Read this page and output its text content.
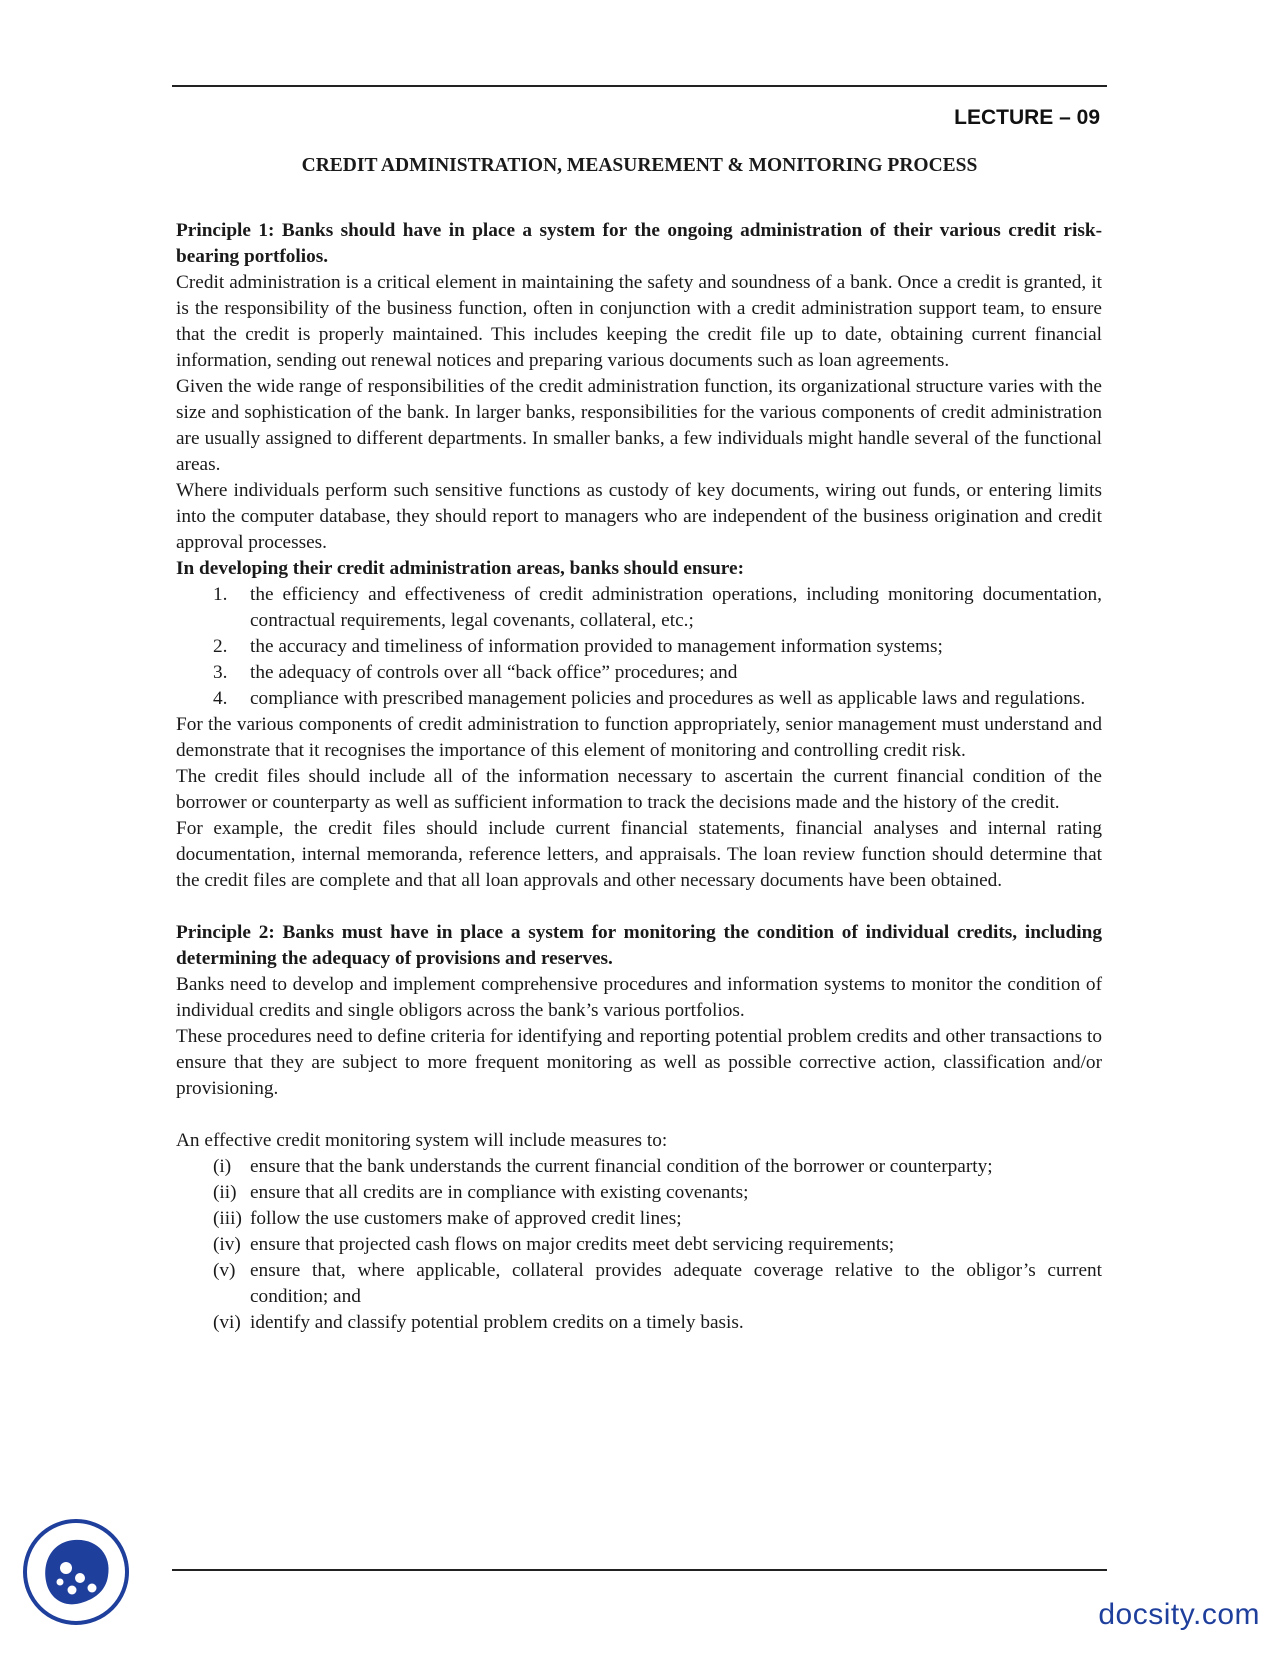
LECTURE – 09
CREDIT ADMINISTRATION, MEASUREMENT & MONITORING PROCESS

Principle 1: Banks should have in place a system for the ongoing administration of their various credit risk-bearing portfolios.

Credit administration is a critical element in maintaining the safety and soundness of a bank. Once a credit is granted, it is the responsibility of the business function, often in conjunction with a credit administration support team, to ensure that the credit is properly maintained. This includes keeping the credit file up to date, obtaining current financial information, sending out renewal notices and preparing various documents such as loan agreements.

Given the wide range of responsibilities of the credit administration function, its organizational structure varies with the size and sophistication of the bank. In larger banks, responsibilities for the various components of credit administration are usually assigned to different departments. In smaller banks, a few individuals might handle several of the functional areas.

Where individuals perform such sensitive functions as custody of key documents, wiring out funds, or entering limits into the computer database, they should report to managers who are independent of the business origination and credit approval processes.

In developing their credit administration areas, banks should ensure:

1. the efficiency and effectiveness of credit administration operations, including monitoring documentation, contractual requirements, legal covenants, collateral, etc.;
2. the accuracy and timeliness of information provided to management information systems;
3. the adequacy of controls over all “back office” procedures; and
4. compliance with prescribed management policies and procedures as well as applicable laws and regulations.

For the various components of credit administration to function appropriately, senior management must understand and demonstrate that it recognises the importance of this element of monitoring and controlling credit risk.

The credit files should include all of the information necessary to ascertain the current financial condition of the borrower or counterparty as well as sufficient information to track the decisions made and the history of the credit.

For example, the credit files should include current financial statements, financial analyses and internal rating documentation, internal memoranda, reference letters, and appraisals. The loan review function should determine that the credit files are complete and that all loan approvals and other necessary documents have been obtained.

Principle 2: Banks must have in place a system for monitoring the condition of individual credits, including determining the adequacy of provisions and reserves.

Banks need to develop and implement comprehensive procedures and information systems to monitor the condition of individual credits and single obligors across the bank’s various portfolios.

These procedures need to define criteria for identifying and reporting potential problem credits and other transactions to ensure that they are subject to more frequent monitoring as well as possible corrective action, classification and/or provisioning.

An effective credit monitoring system will include measures to:

(i) ensure that the bank understands the current financial condition of the borrower or counterparty;
(ii) ensure that all credits are in compliance with existing covenants;
(iii) follow the use customers make of approved credit lines;
(iv) ensure that projected cash flows on major credits meet debt servicing requirements;
(v) ensure that, where applicable, collateral provides adequate coverage relative to the obligor’s current condition; and
(vi) identify and classify potential problem credits on a timely basis.
docsity.com
